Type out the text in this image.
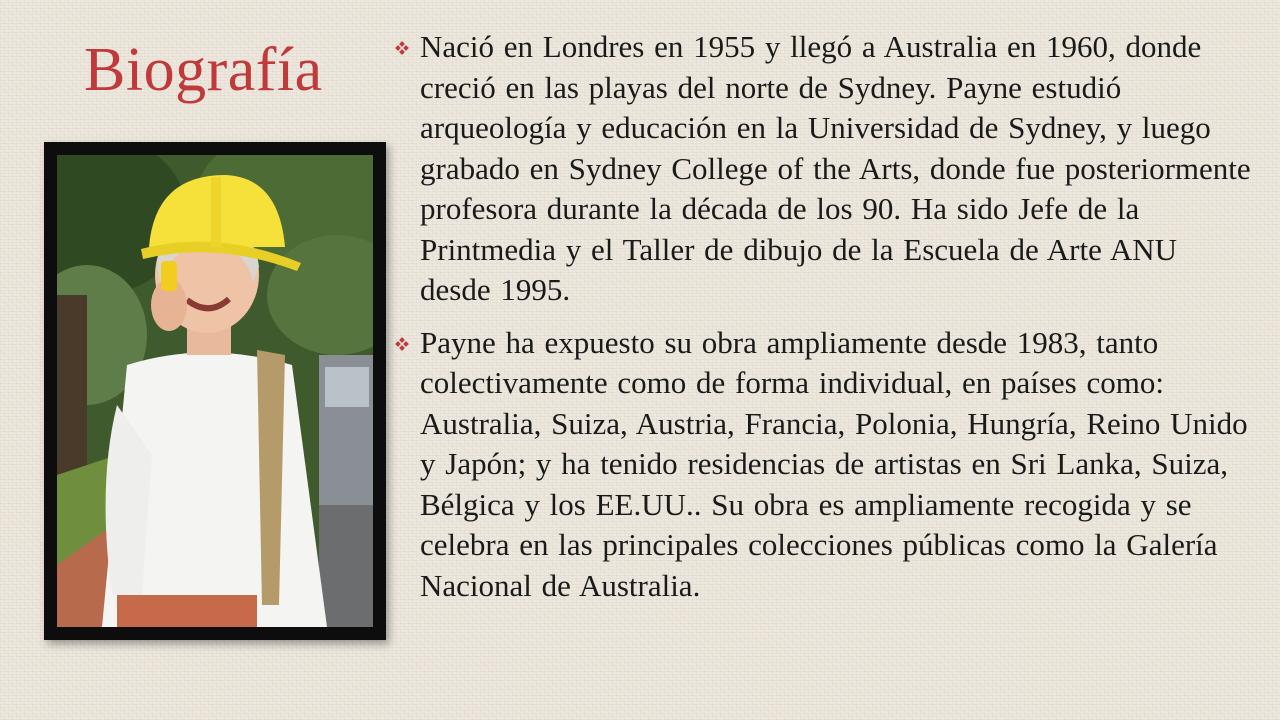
Biografía	Nació en Londres en 1955 y llegó a Australia en 1960, donde creció en las playas del norte de Sydney. Payne estudió arqueología y educación en la Universidad de Sydney, y luego grabado en Sydney College of the Arts, donde fue posteriormente profesora durante la década de los 90. Ha sido Jefe de la Printmedia y el Taller de dibujo de la Escuela de Arte ANU desde 1995.
Payne ha expuesto su obra ampliamente desde 1983, tanto colectivamente como de forma individual, en países como: Australia, Suiza, Austria, Francia, Polonia, Hungría, Reino Unido y Japón; y ha tenido residencias de artistas en Sri Lanka, Suiza, Bélgica y los EE.UU.. Su obra es ampliamente recogida y se celebra en las principales colecciones públicas como la Galería Nacional de Australia.
